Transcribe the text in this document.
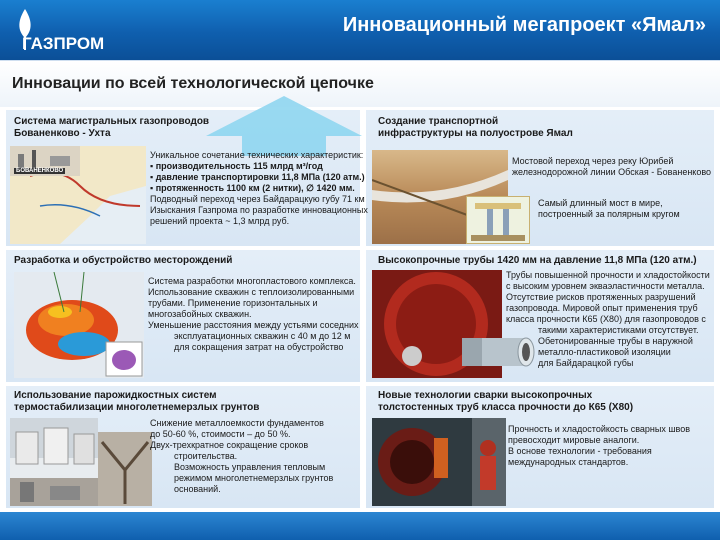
ГАЗПРОМ
Инновационный мегапроект «Ямал»
Инновации по всей технологической цепочке
Система магистральных газопроводов
Бованенково - Ухта
БОВАНЕНКОВО
Уникальное сочетание технических характеристик:
▪ производительность 115 млрд м³/год
▪ давление транспортировки 11,8 МПа (120 атм.)
▪ протяженность 1100 км (2 нитки), ∅ 1420 мм.
Подводный переход через Байдарацкую губу 71 км
Изыскания Газпрома по разработке инновационных
решений проекта ~ 1,3 млрд руб.
Создание транспортной
инфраструктуры на полуострове Ямал
Мостовой переход через реку Юрибей
железнодорожной линии Обская - Бованенково
Самый длинный мост в мире,
построенный за полярным кругом
Разработка и обустройство месторождений
Система разработки многопластового комплекса.
Использование скважин с теплоизолированными
трубами. Применение горизонтальных и
многозабойных скважин.
Уменьшение расстояния между устьями соседних
эксплуатационных скважин с 40 м до 12 м
для сокращения затрат на обустройство
Высокопрочные трубы 1420 мм на давление 11,8 МПа (120 атм.)
Трубы повышенной прочности и хладостойкости
с высоким уровнем экваэластичности металла.
Отсутствие рисков протяженных разрушений
газопровода. Мировой опыт применения труб
класса прочности К65 (Х80) для газопроводов с
такими характеристиками отсутствует.
Обетонированные трубы в наружной
металло-пластиковой изоляции
для Байдарацкой губы
Использование парожидкостных систем
термостабилизации многолетнемерзлых грунтов
Снижение металлоемкости фундаментов
до 50-60 %, стоимости – до 50 %.
Двух-трехкратное сокращение сроков
строительства.
Возможность управления тепловым
режимом многолетнемерзлых грунтов
оснований.
Новые технологии сварки высокопрочных
толстостенных труб класса прочности до К65 (Х80)
Прочность и хладостойкость сварных швов
превосходит мировые аналоги.
В основе технологии - требования
международных стандартов.
